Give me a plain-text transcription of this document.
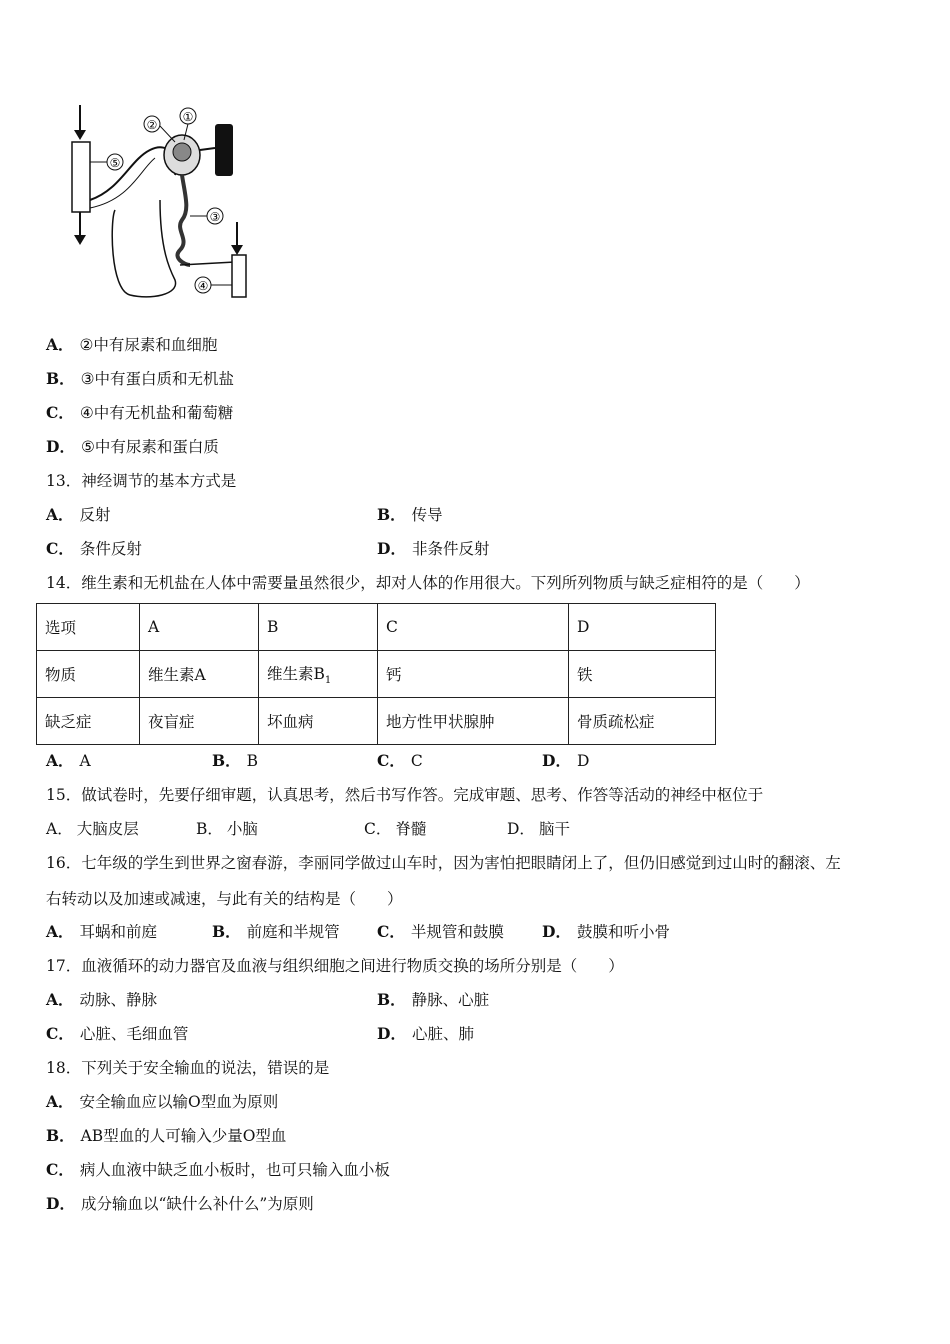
⑤
②
①
③
④
A． ②中有尿素和血细胞
B． ③中有蛋白质和无机盐
C． ④中有无机盐和葡萄糖
D． ⑤中有尿素和蛋白质
13．神经调节的基本方式是
A． 反射	B． 传导
C． 条件反射	D． 非条件反射
14．维生素和无机盐在人体中需要量虽然很少，却对人体的作用很大。下列所列物质与缺乏症相符的是（　　）
选项	A	B	C	D
物质	维生素A	维生素$B_1$	钙	铁
缺乏症	夜盲症	坏血病	地方性甲状腺肿	骨质疏松症
A． A	B． B	C． C	D． D
15．做试卷时，先要仔细审题，认真思考，然后书写作答。完成审题、思考、作答等活动的神经中枢位于
A． 大脑皮层	B． 小脑	C． 脊髓	D． 脑干
16．七年级的学生到世界之窗春游，李丽同学做过山车时，因为害怕把眼睛闭上了，但仍旧感觉到过山时的翻滚、左
右转动以及加速或减速，与此有关的结构是（　　）
A． 耳蜗和前庭	B． 前庭和半规管 C． 半规管和鼓膜 D． 鼓膜和听小骨
17．血液循环的动力器官及血液与组织细胞之间进行物质交换的场所分别是（　　）
A． 动脉、静脉	B． 静脉、心脏
C． 心脏、毛细血管	D． 心脏、肺
18．下列关于安全输血的说法，错误的是
A． 安全输血应以输O型血为原则
B． AB型血的人可输入少量O型血
C． 病人血液中缺乏血小板时，也可只输入血小板
D． 成分输血以“缺什么补什么”为原则
